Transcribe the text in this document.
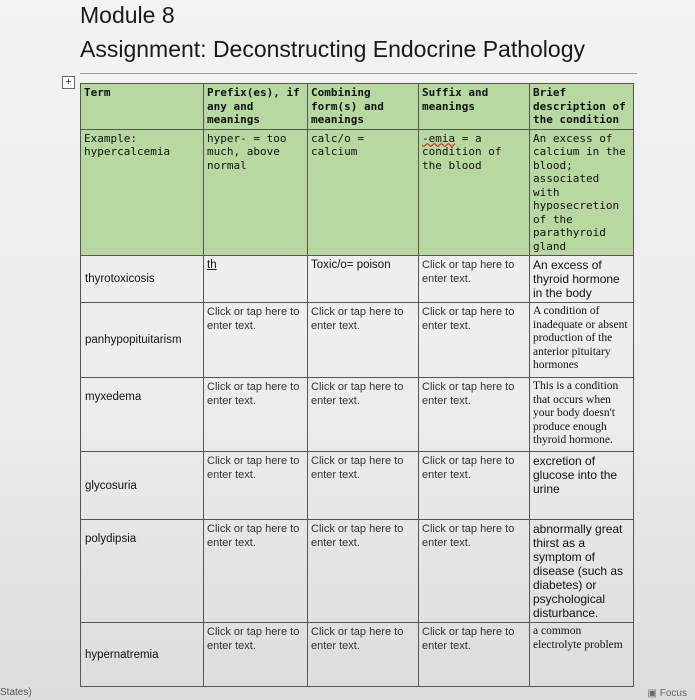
Module 8
Assignment: Deconstructing Endocrine Pathology
+
Term	Prefix(es), if any and meanings	Combining form(s) and meanings	Suffix and meanings	Brief description of the condition
Example: hypercalcemia	hyper- = too much, above normal	calc/o = calcium	-emia = a condition of the blood	An excess of calcium in the blood; associated with hyposecretion of the parathyroid gland
thyrotoxicosis	th	Toxic/o= poison	Click or tap here to enter text.	An excess of thyroid hormone in the body
panhypopituitarism	Click or tap here to enter text.	Click or tap here to enter text.	Click or tap here to enter text.	A condition of inadequate or absent production of the anterior pituitary hormones
myxedema	Click or tap here to enter text.	Click or tap here to enter text.	Click or tap here to enter text.	This is a condition that occurs when your body doesn't produce enough thyroid hormone.
glycosuria	Click or tap here to enter text.	Click or tap here to enter text.	Click or tap here to enter text.	excretion of glucose into the urine
polydipsia	Click or tap here to enter text.	Click or tap here to enter text.	Click or tap here to enter text.	abnormally great thirst as a symptom of disease (such as diabetes) or psychological disturbance.
hypernatremia	Click or tap here to enter text.	Click or tap here to enter text.	Click or tap here to enter text.	a common electrolyte problem
States)	▣ Focus
